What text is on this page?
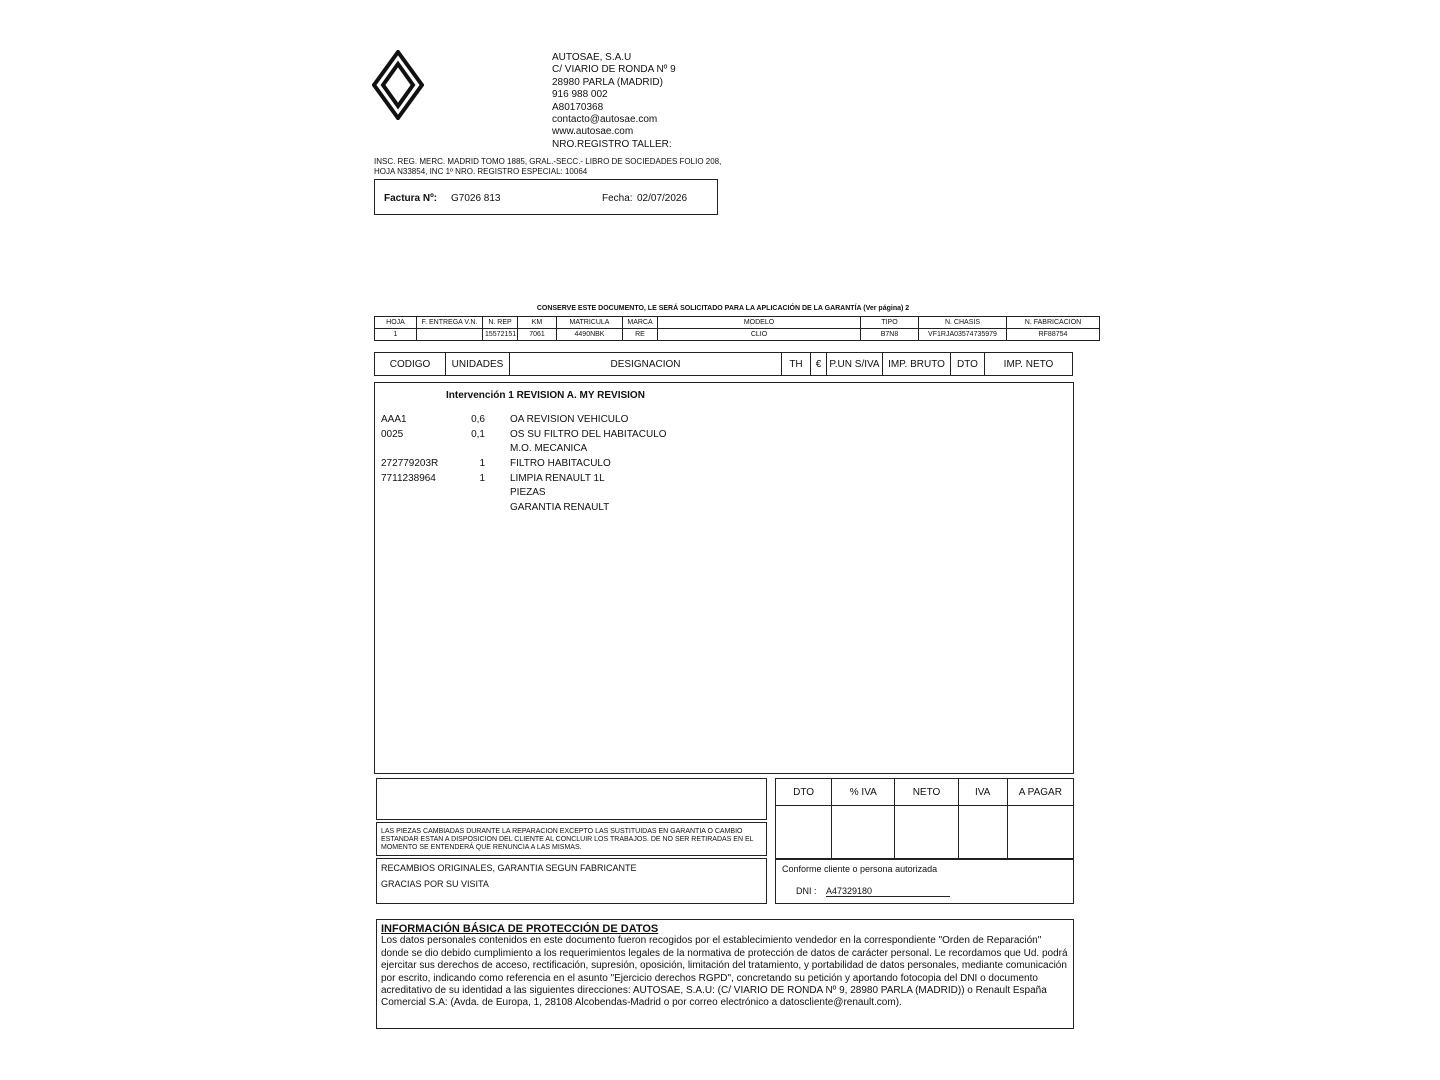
AUTOSAE, S.A.U
C/ VIARIO DE RONDA Nº 9
28980 PARLA (MADRID)
916 988 002
A80170368
contacto@autosae.com
www.autosae.com
NRO.REGISTRO TALLER:
INSC. REG. MERC. MADRID TOMO 1885, GRAL.-SECC.- LIBRO DE SOCIEDADES FOLIO 208,
HOJA N33854, INC 1º NRO. REGISTRO ESPECIAL: 10064
Factura Nº: G7026 813	Fecha: 02/07/2026
CONSERVE ESTE DOCUMENTO, LE SERÁ SOLICITADO PARA LA APLICACIÓN DE LA GARANTÍA (Ver página) 2
HOJA	F. ENTREGA V.N.	N. REP	KM	MATRICULA	MARCA	MODELO	TIPO	N. CHASIS	N. FABRICACION
1		15572151	7061	4490NBK	RE	CLIO	B7N8	VF1RJA03574735979	RF88754
CODIGO	UNIDADES	DESIGNACION	TH	€	P.UN S/IVA	IMP. BRUTO	DTO	IMP. NETO
Intervención 1 REVISION A. MY REVISION
AAA1	0,6	OA REVISION VEHICULO
0025	0,1	OS SU FILTRO DEL HABITACULO
M.O. MECANICA
272779203R	1	FILTRO HABITACULO
7711238964	1	LIMPIA RENAULT 1L
PIEZAS
GARANTIA RENAULT
LAS PIEZAS CAMBIADAS DURANTE LA REPARACION EXCEPTO LAS SUSTITUIDAS EN GARANTIA O CAMBIO ESTANDAR ESTAN A DISPOSICION DEL CLIENTE AL CONCLUIR LOS TRABAJOS. DE NO SER RETIRADAS EN EL MOMENTO SE ENTENDERÁ QUE RENUNCIA A LAS MISMAS.
RECAMBIOS ORIGINALES, GARANTIA SEGUN FABRICANTE
GRACIAS POR SU VISITA
DTO	% IVA	NETO	IVA	A PAGAR

Conforme cliente o persona autorizada
DNI : A47329180
INFORMACIÓN BÁSICA DE PROTECCIÓN DE DATOS

Los datos personales contenidos en este documento fueron recogidos por el establecimiento vendedor en la correspondiente "Orden de Reparación" donde se dio debido cumplimiento a los requerimientos legales de la normativa de protección de datos de carácter personal. Le recordamos que Ud. podrá ejercitar sus derechos de acceso, rectificación, supresión, oposición, limitación del tratamiento, y portabilidad de datos personales, mediante comunicación por escrito, indicando como referencia en el asunto "Ejercicio derechos RGPD", concretando su petición y aportando fotocopia del DNI o documento acreditativo de su identidad a las siguientes direcciones: AUTOSAE, S.A.U: (C/ VIARIO DE RONDA Nº 9, 28980 PARLA (MADRID)) o Renault España Comercial S.A: (Avda. de Europa, 1, 28108 Alcobendas-Madrid o por correo electrónico a datoscliente@renault.com).
